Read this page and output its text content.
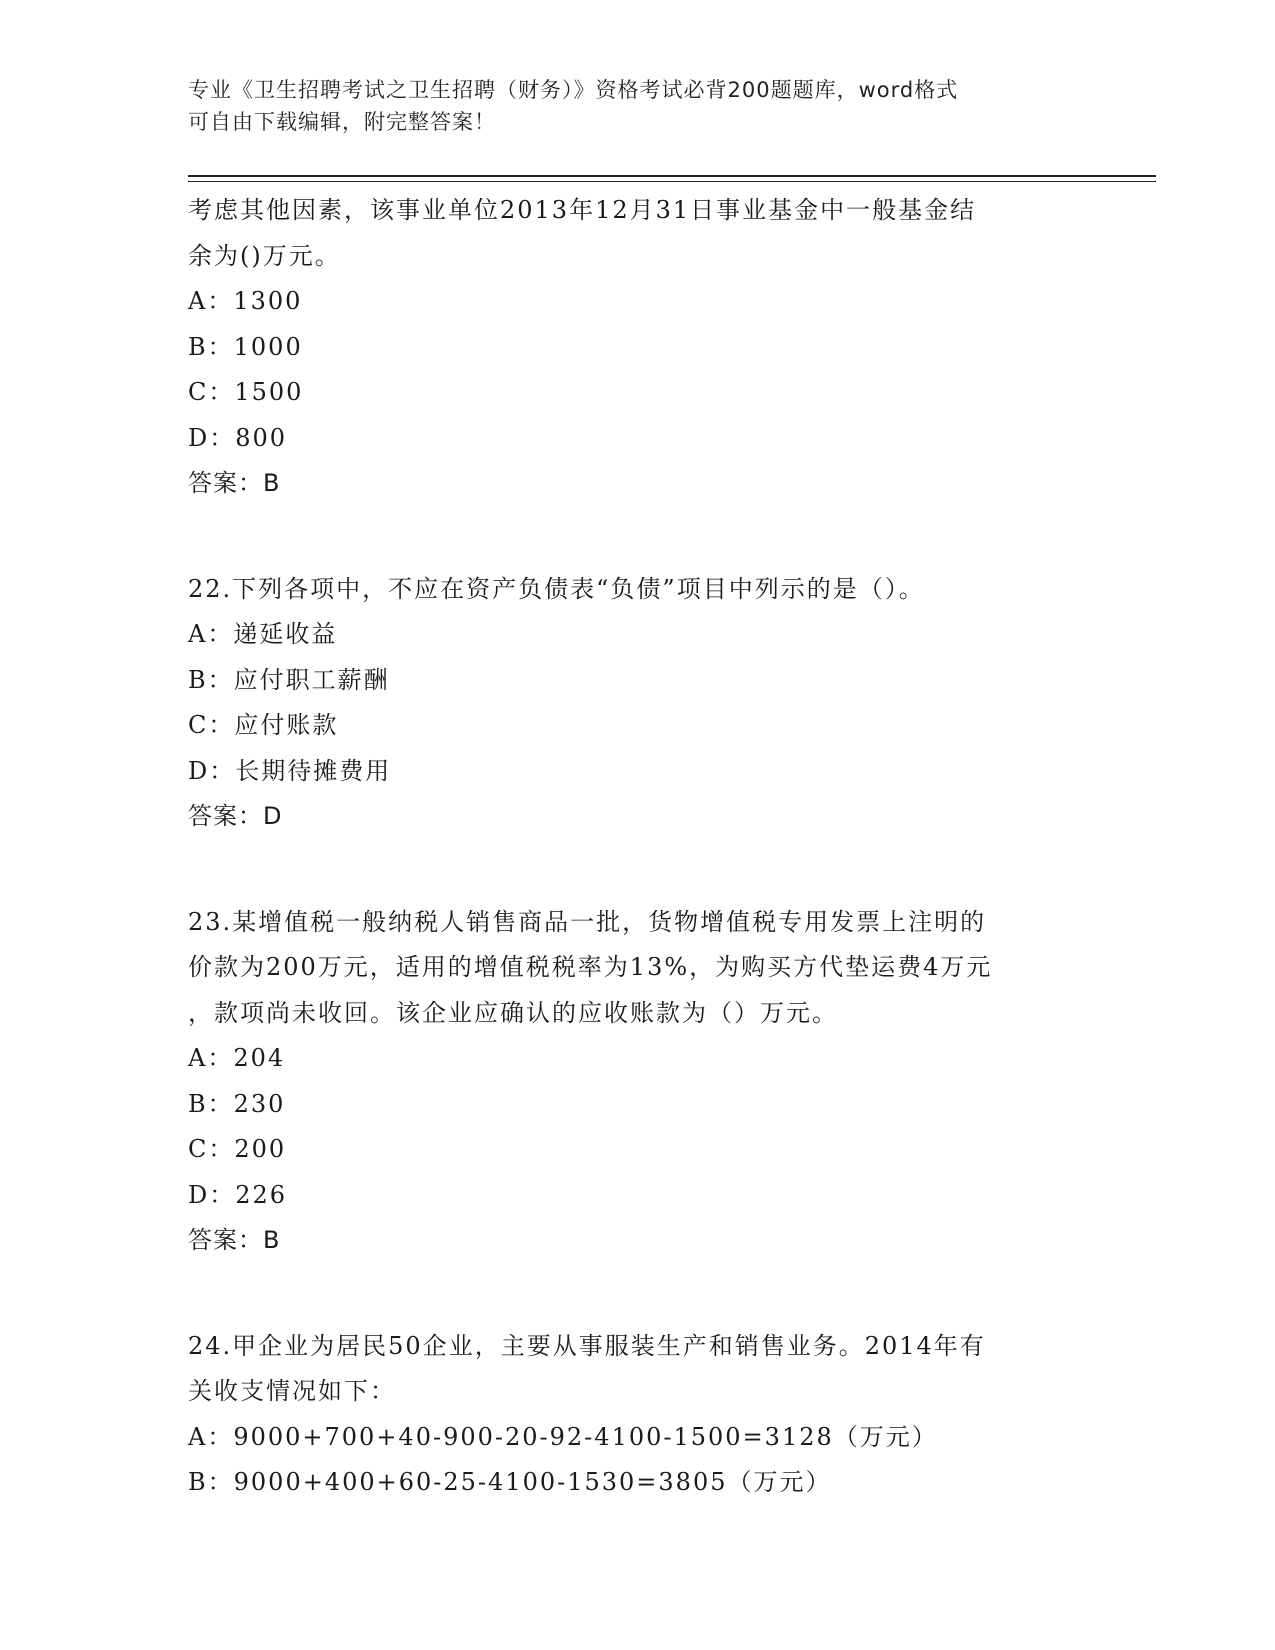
专业《卫生招聘考试之卫生招聘（财务）》资格考试必背200题题库，word格式
可自由下载编辑，附完整答案！
考虑其他因素，该事业单位2013年12月31日事业基金中一般基金结
余为()万元。
A：1300
B：1000
C：1500
D：800
答案：B
22.下列各项中，不应在资产负债表“负债”项目中列示的是（）。
A：递延收益
B：应付职工薪酬
C：应付账款
D：长期待摊费用
答案：D
23.某增值税一般纳税人销售商品一批，货物增值税专用发票上注明的
价款为200万元，适用的增值税税率为13%，为购买方代垫运费4万元
，款项尚未收回。该企业应确认的应收账款为（）万元。
A：204
B：230
C：200
D：226
答案：B
24.甲企业为居民50企业，主要从事服装生产和销售业务。2014年有
关收支情况如下：
A：9000+700+40-900-20-92-4100-1500=3128（万元）
B：9000+400+60-25-4100-1530=3805（万元）
